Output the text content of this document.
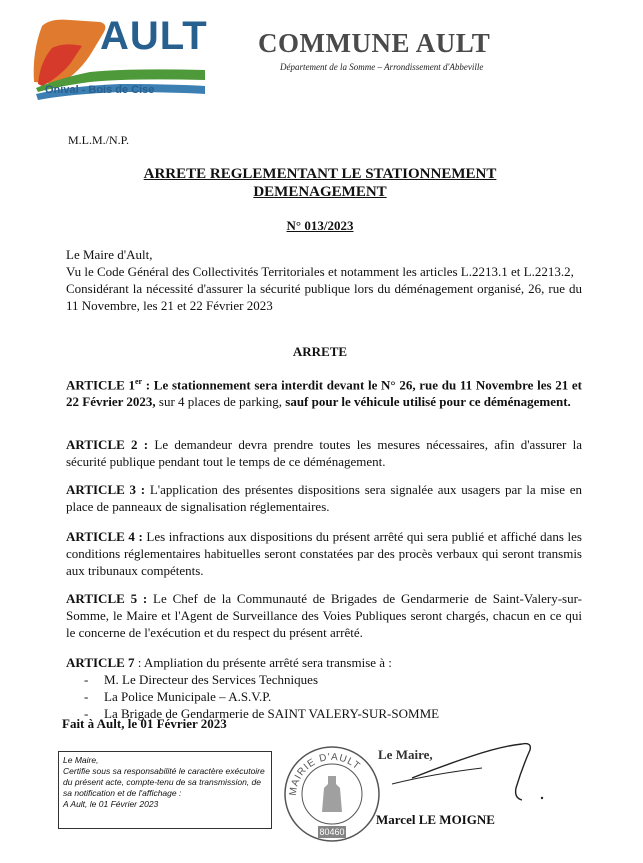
AULT
Onival - Bois de Cise
COMMUNE AULT
Département de la Somme – Arrondissement d'Abbeville
M.L.M./N.P.
ARRETE REGLEMENTANT LE STATIONNEMENT
DEMENAGEMENT
N° 013/2023

Le Maire d'Ault,

Vu le Code Général des Collectivités Territoriales et notamment les articles L.2213.1 et L.2213.2,

Considérant la nécessité d'assurer la sécurité publique lors du déménagement organisé, 26, rue du 11 Novembre, les 21 et 22 Février 2023

ARRETE

ARTICLE 1er : Le stationnement sera interdit devant le N° 26, rue du 11 Novembre les 21 et 22 Février 2023, sur 4 places de parking, sauf pour le véhicule utilisé pour ce déménagement.

ARTICLE 2 : Le demandeur devra prendre toutes les mesures nécessaires, afin d'assurer la sécurité publique pendant tout le temps de ce déménagement.

ARTICLE 3 : L'application des présentes dispositions sera signalée aux usagers par la mise en place de panneaux de signalisation réglementaires.

ARTICLE 4 : Les infractions aux dispositions du présent arrêté qui sera publié et affiché dans les conditions réglementaires habituelles seront constatées par des procès verbaux qui seront transmis aux tribunaux compétents.

ARTICLE 5 : Le Chef de la Communauté de Brigades de Gendarmerie de Saint-Valery-sur-Somme, le Maire et l'Agent de Surveillance des Voies Publiques seront chargés, chacun en ce qui le concerne de l'exécution et du respect du présent arrêté.

ARTICLE 7 : Ampliation du présente arrêté sera transmise à :

- M. Le Directeur des Services Techniques
- La Police Municipale – A.S.V.P.
- La Brigade de Gendarmerie de SAINT VALERY-SUR-SOMME
Fait à Ault, le 01 Février 2023
Le Maire,
Certifie sous sa responsabilité le caractère exécutoire du présent acte, compte-tenu de sa transmission, de sa notification et de l'affichage :
A Ault, le 01 Février 2023
MAIRIE D'AULT
80460
Le Maire,
Marcel LE MOIGNE
